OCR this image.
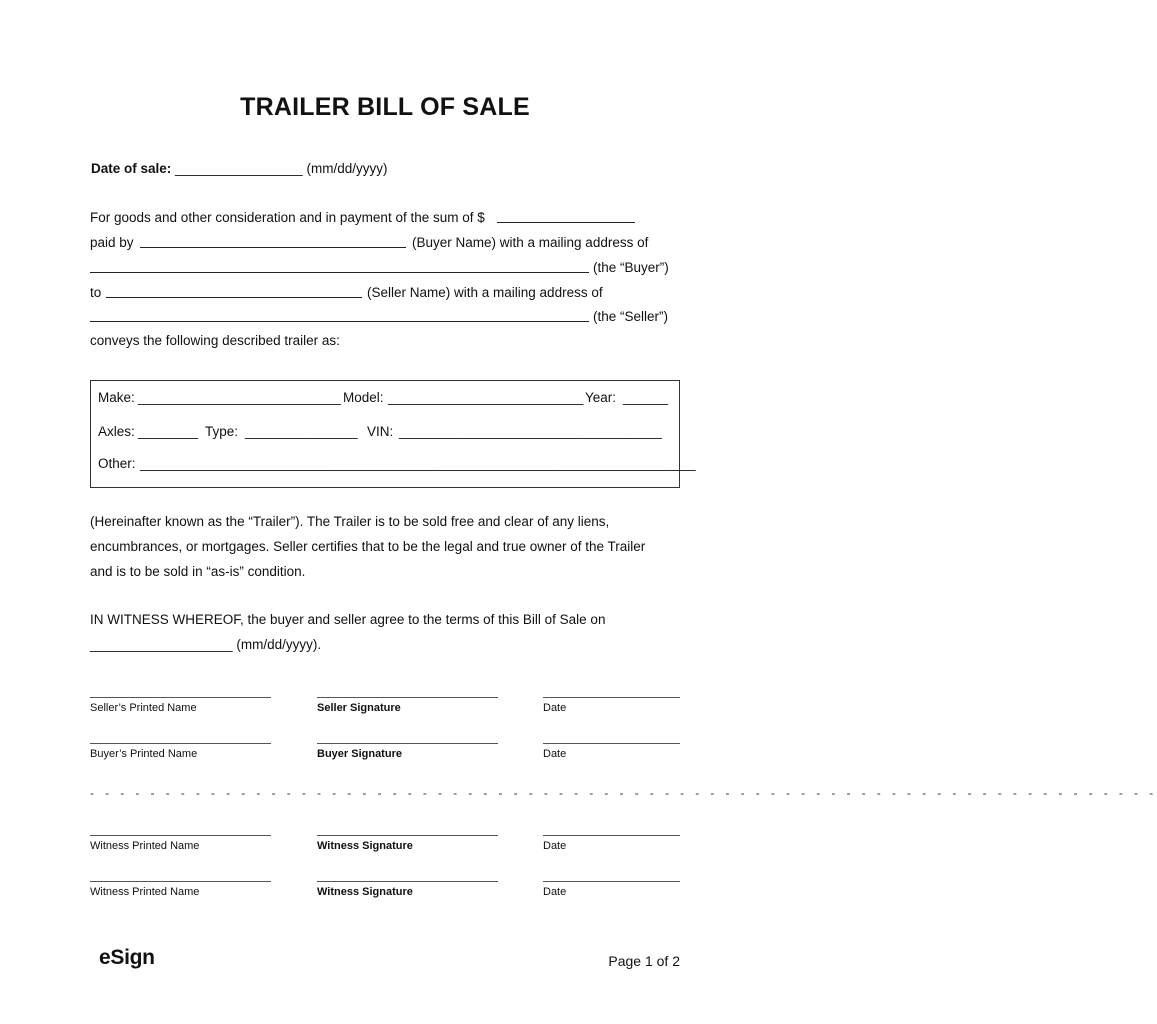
TRAILER BILL OF SALE
Date of sale: _________________ (mm/dd/yyyy)
For goods and other consideration and in payment of the sum of $
paid by	(Buyer Name) with a mailing address of
(the “Buyer”)
to	(Seller Name) with a mailing address of
(the “Seller”)
conveys the following described trailer as:
Make: ___________________________ Model: __________________________ Year: ______
Axles: ________ Type: _______________ VIN: ___________________________________
Other: __________________________________________________________________________
(Hereinafter known as the “Trailer”). The Trailer is to be sold free and clear of any liens,
encumbrances, or mortgages. Seller certifies that to be the legal and true owner of the Trailer
and is to be sold in “as-is” condition.
IN WITNESS WHEREOF, the buyer and seller agree to the terms of this Bill of Sale on
___________________ (mm/dd/yyyy).
Seller’s Printed Name	Seller Signature	Date
Buyer’s Printed Name	Buyer Signature	Date
- - - - - - - - - - - - - - - - - - - - - - - - - - - - - - - - - - - - - - - - - - - - - - - - - - - - - - - - - - - - - - - - - - - - - - -
Witness Printed Name	Witness Signature	Date
Witness Printed Name	Witness Signature	Date
eSign	Page 1 of 2
